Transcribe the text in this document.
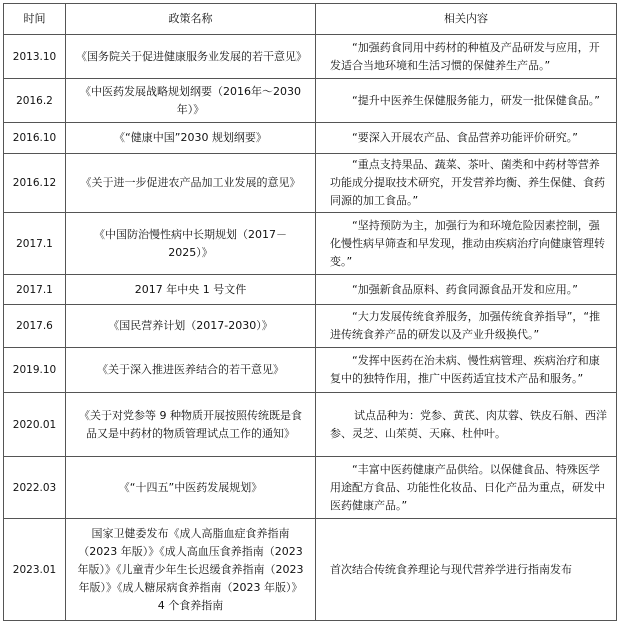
时间	政策名称	相关内容
2013.10	《国务院关于促进健康服务业发展的若干意见》	“加强药食同用中药材的种植及产品研发与应用，开发适合当地环境和生活习惯的保健养生产品。”
2016.2	《中医药发展战略规划纲要（2016年～2030年）》	“提升中医养生保健服务能力，研发一批保健食品。”
2016.10	《“健康中国”2030 规划纲要》	“要深入开展农产品、食品营养功能评价研究。”
2016.12	《关于进一步促进农产品加工业发展的意见》	“重点支持果品、蔬菜、茶叶、菌类和中药材等营养功能成分提取技术研究，开发营养均衡、养生保健、食药同源的加工食品。”
2017.1	《中国防治慢性病中长期规划（2017－2025）》	“坚持预防为主，加强行为和环境危险因素控制，强化慢性病早筛查和早发现，推动由疾病治疗向健康管理转变。”
2017.1	2017 年中央 1 号文件	“加强新食品原料、药食同源食品开发和应用。”
2017.6	《国民营养计划（2017-2030）》	“大力发展传统食养服务，加强传统食养指导”，“推进传统食养产品的研发以及产业升级换代。”
2019.10	《关于深入推进医养结合的若干意见》	“发挥中医药在治未病、慢性病管理、疾病治疗和康复中的独特作用，推广中医药适宜技术产品和服务。”
2020.01	《关于对党参等 9 种物质开展按照传统既是食品又是中药材的物质管理试点工作的通知》	试点品种为：党参、黄芪、肉苁蓉、铁皮石斛、西洋参、灵芝、山茱萸、天麻、杜仲叶。
2022.03	《“十四五”中医药发展规划》	“丰富中医药健康产品供给。以保健食品、特殊医学用途配方食品、功能性化妆品、日化产品为重点，研发中医药健康产品。”
2023.01	国家卫健委发布《成人高脂血症食养指南（2023 年版）》《成人高血压食养指南（2023 年版）》《儿童青少年生长迟缓食养指南（2023 年版）》《成人糖尿病食养指南（2023 年版）》4 个食养指南	首次结合传统食养理论与现代营养学进行指南发布
